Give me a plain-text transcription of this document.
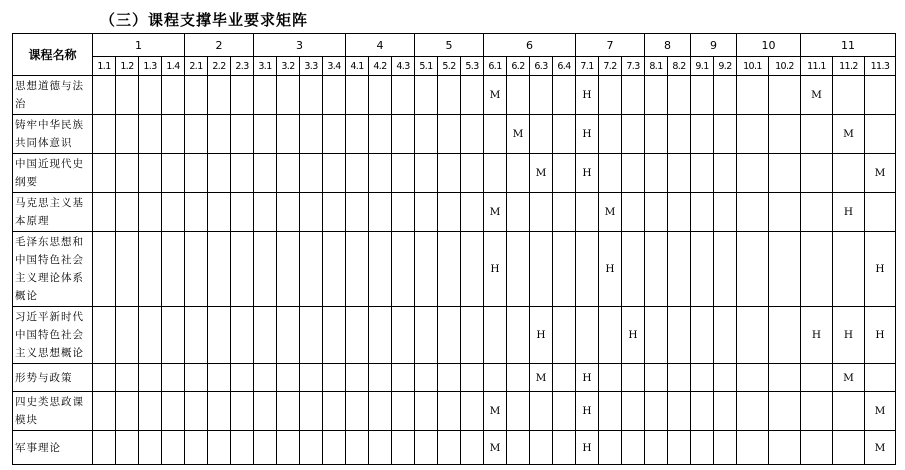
（三）课程支撑毕业要求矩阵
课程名称	1				2			3				4			5			6				7			8		9		10		11		
	1.1	1.2	1.3	1.4	2.1	2.2	2.3	3.1	3.2	3.3	3.4	4.1	4.2	4.3	5.1	5.2	5.3	6.1	6.2	6.3	6.4	7.1	7.2	7.3	8.1	8.2	9.1	9.2	10.1	10.2	11.1	11.2	11.3
思想道德与法治																		M				H									M		
铸牢中华民族共同体意识																			M			H										M	
中国近现代史纲要																				M		H											M
马克思主义基本原理																		M					M									H	
毛泽东思想和中国特色社会主义理论体系概论																		H					H										H
习近平新时代中国特色社会主义思想概论																				H				H							H	H	H
形势与政策																				M		H										M	
四史类思政课模块																		M				H											M
军事理论																		M				H											M
